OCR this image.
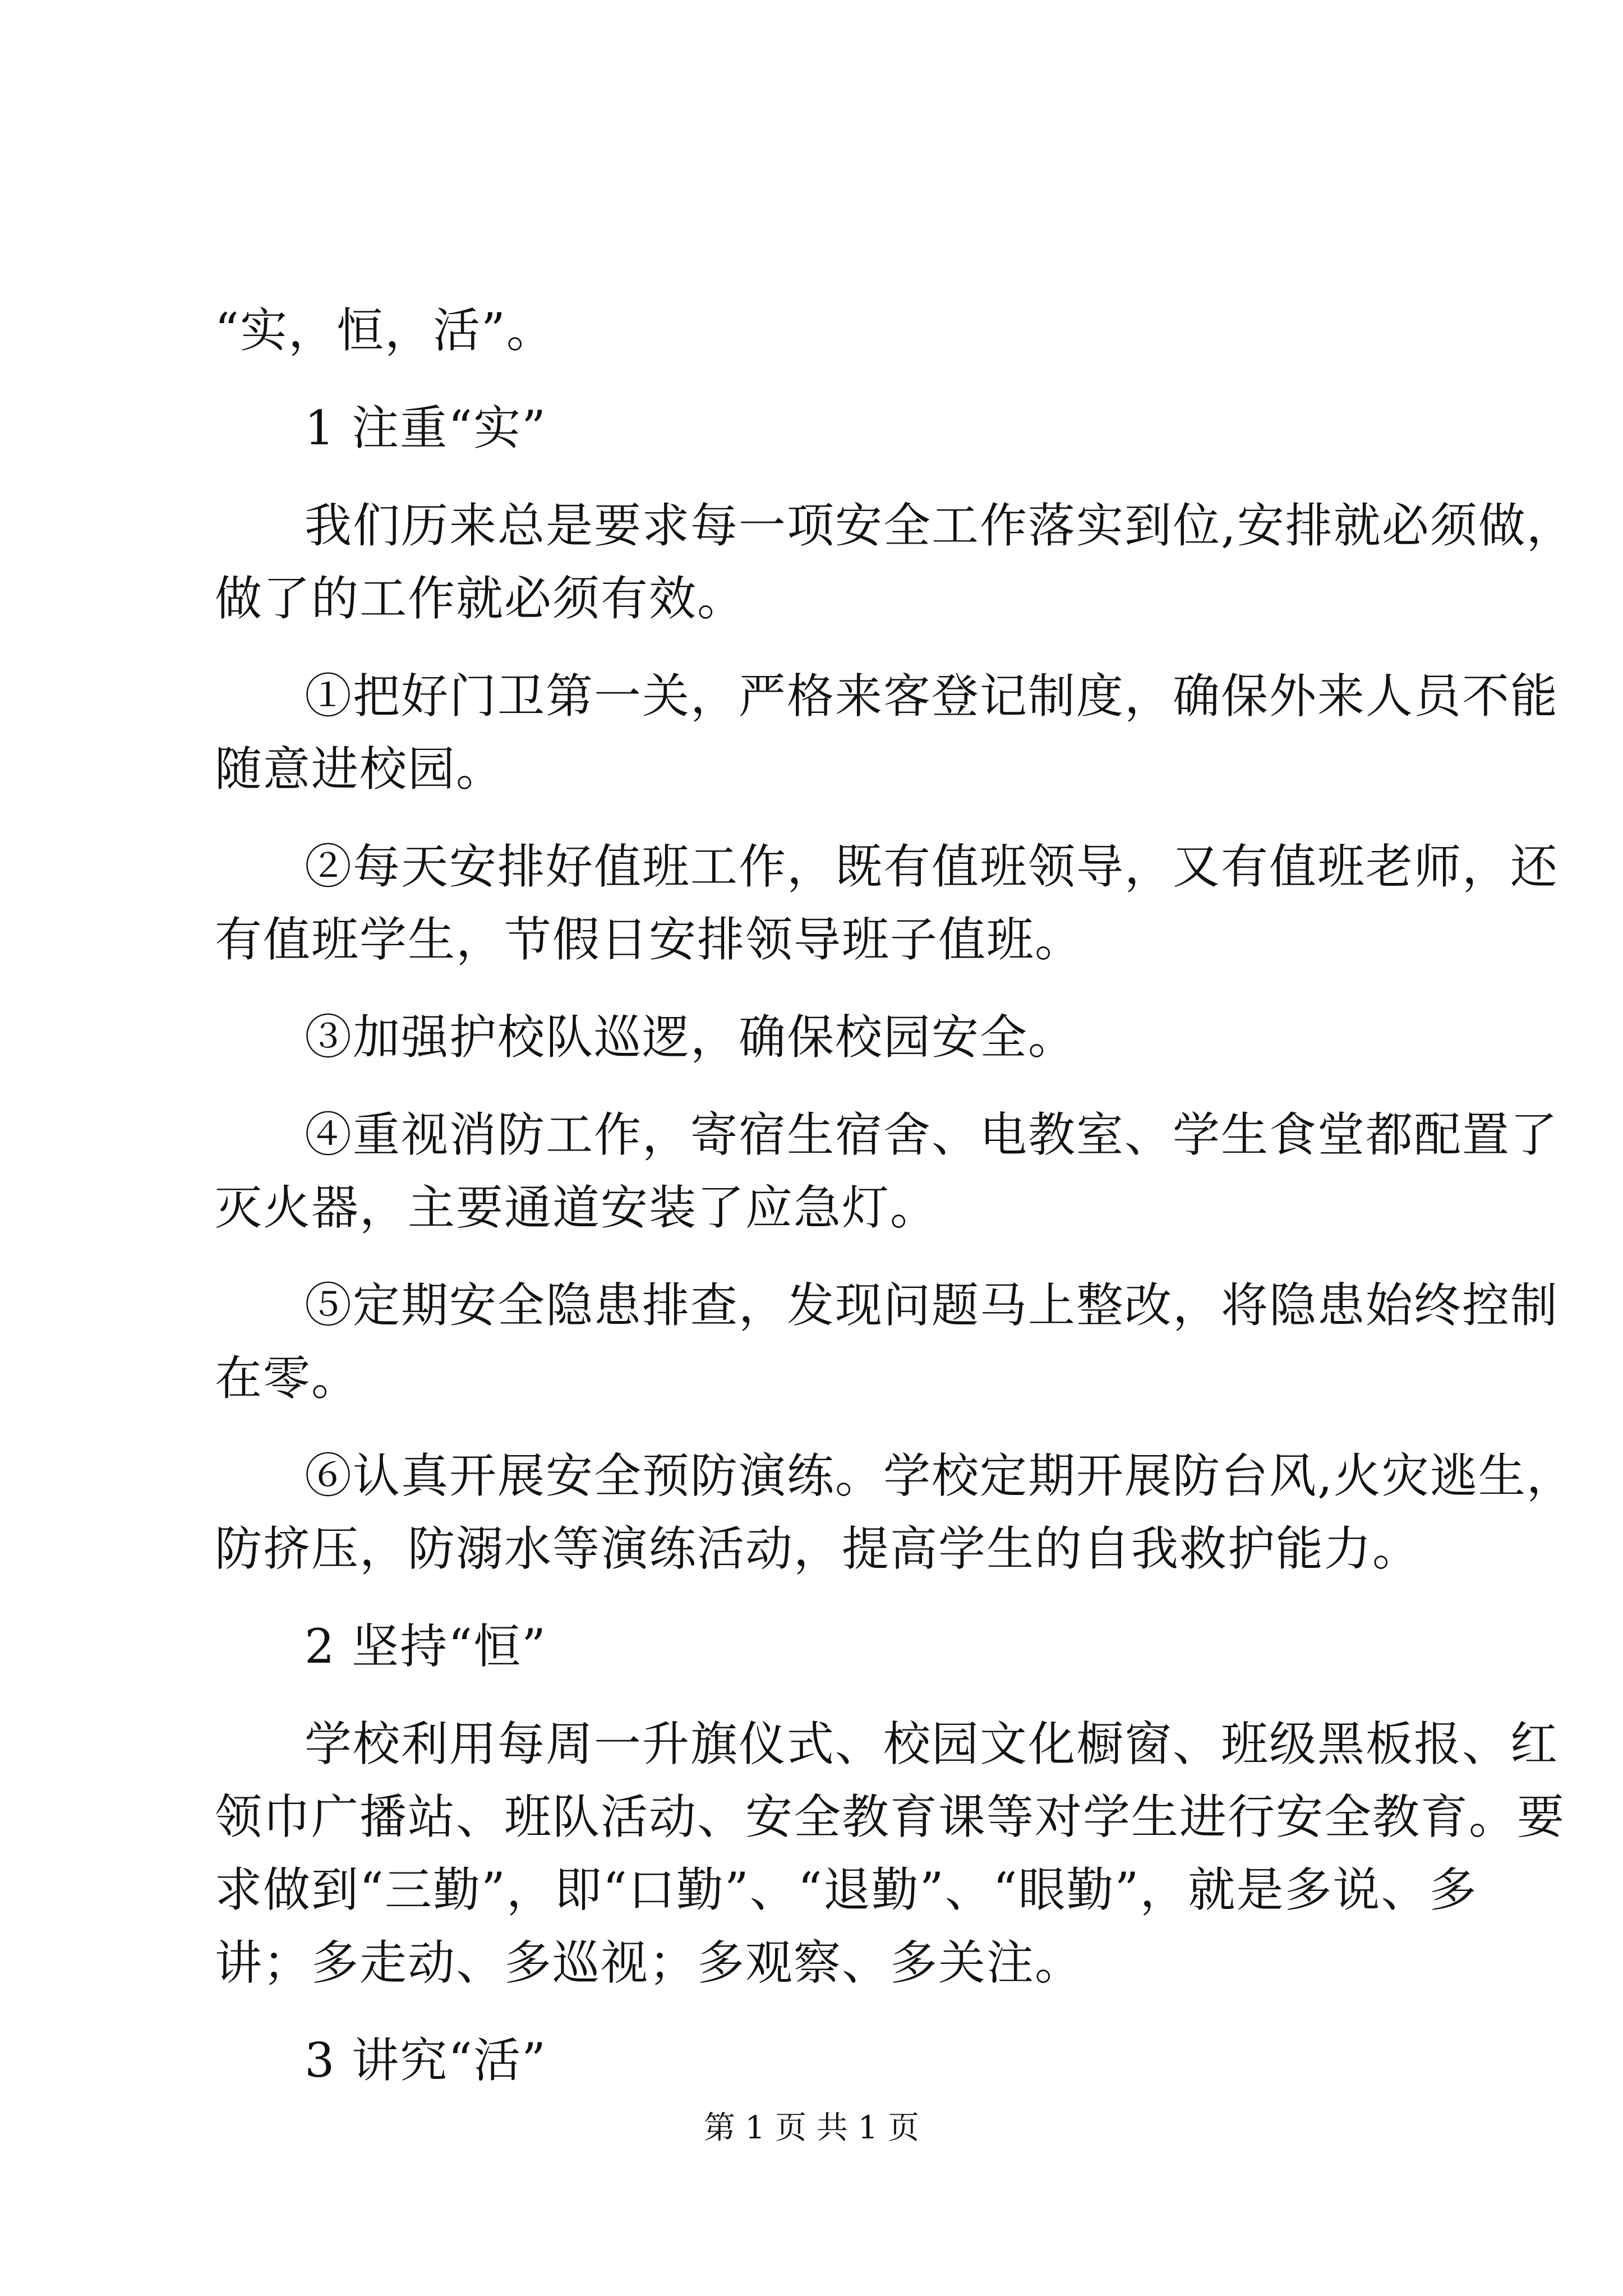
“实，恒，活”。
1 注重“实”
我们历来总是要求每一项安全工作落实到位,安排就必须做，
做了的工作就必须有效。
①把好门卫第一关，严格来客登记制度，确保外来人员不能
随意进校园。
②每天安排好值班工作，既有值班领导，又有值班老师，还
有值班学生，节假日安排领导班子值班。
③加强护校队巡逻，确保校园安全。
④重视消防工作，寄宿生宿舍、电教室、学生食堂都配置了
灭火器，主要通道安装了应急灯。
⑤定期安全隐患排查，发现问题马上整改，将隐患始终控制
在零。
⑥认真开展安全预防演练。学校定期开展防台风,火灾逃生，
防挤压，防溺水等演练活动，提高学生的自我救护能力。
2 坚持“恒”
学校利用每周一升旗仪式、校园文化橱窗、班级黑板报、红
领巾广播站、班队活动、安全教育课等对学生进行安全教育。要
求做到“三勤”，即“口勤”、“退勤”、“眼勤”，就是多说、多
讲；多走动、多巡视；多观察、多关注。
3 讲究“活”
第 1 页 共 1 页
